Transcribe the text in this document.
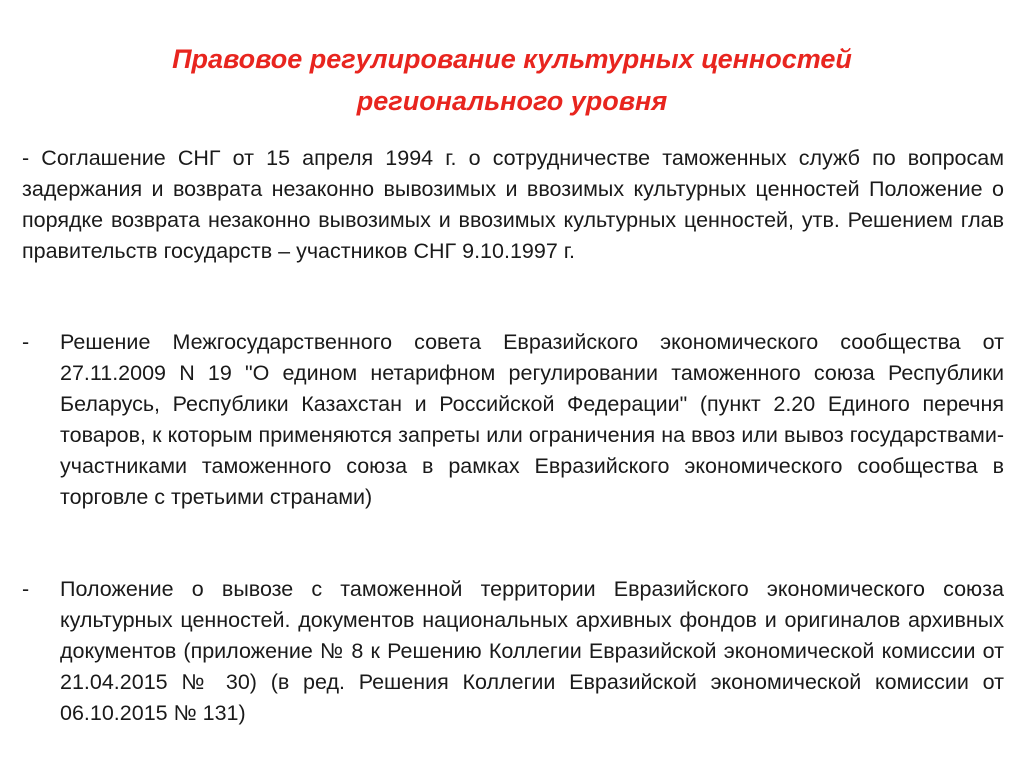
Правовое регулирование культурных ценностей
регионального уровня

- Соглашение СНГ от 15 апреля 1994 г. о сотрудничестве таможенных служб по вопросам задержания и возврата незаконно вывозимых и ввозимых культурных ценностей Положение о порядке возврата незаконно вывозимых и ввозимых культурных ценностей, утв. Решением глав правительств государств – участников СНГ 9.10.1997 г.

- Решение Межгосударственного совета Евразийского экономического сообщества от 27.11.2009 N 19 "О едином нетарифном регулировании таможенного союза Республики Беларусь, Республики Казахстан и Российской Федерации" (пункт 2.20 Единого перечня товаров, к которым применяются запреты или ограничения на ввоз или вывоз государствами-участниками таможенного союза в рамках Евразийского экономического сообщества в торговле с третьими странами)
- Положение о вывозе с таможенной территории Евразийского экономического союза культурных ценностей. документов национальных архивных фондов и оригиналов архивных документов (приложение № 8 к Решению Коллегии Евразийской экономической комиссии от 21.04.2015 № 30) (в ред. Решения Коллегии Евразийской экономической комиссии от 06.10.2015 № 131)
